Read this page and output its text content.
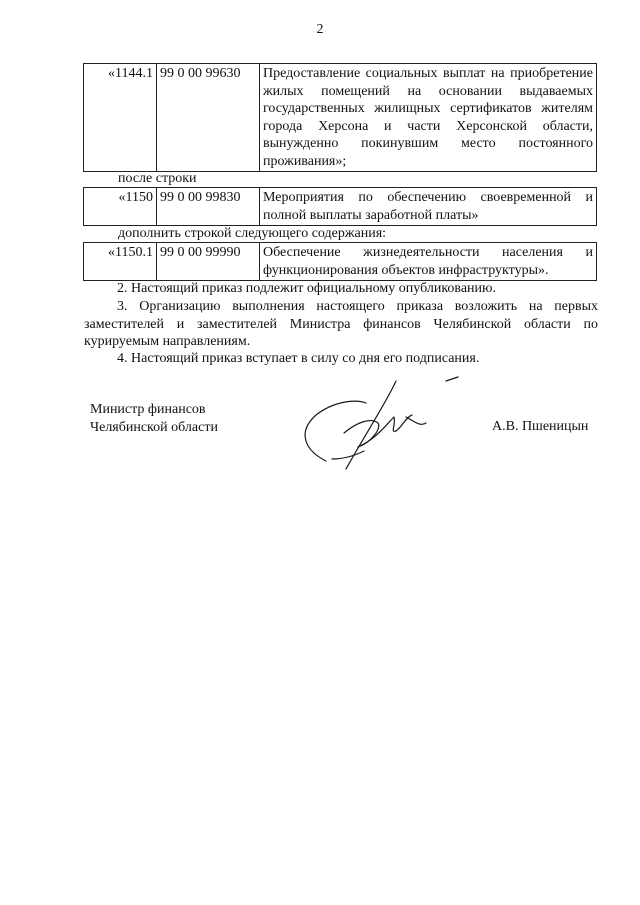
2
«1144.1	99 0 00 99630	Предоставление социальных выплат на приобретение жилых помещений на основании выдаваемых государственных жилищных сертификатов жителям города Херсона и части Херсонской области, вынужденно покинувшим место постоянного проживания»;
после строки
«1150	99 0 00 99830	Мероприятия по обеспечению своевременной и полной выплаты заработной платы»
дополнить строкой следующего содержания:
«1150.1	99 0 00 99990	Обеспечение жизнедеятельности населения и функционирования объектов инфраструктуры».
2. Настоящий приказ подлежит официальному опубликованию.
3. Организацию выполнения настоящего приказа возложить на первых заместителей и заместителей Министра финансов Челябинской области по курируемым направлениям.
4. Настоящий приказ вступает в силу со дня его подписания.
Министр финансов
Челябинской области	А.В. Пшеницын
